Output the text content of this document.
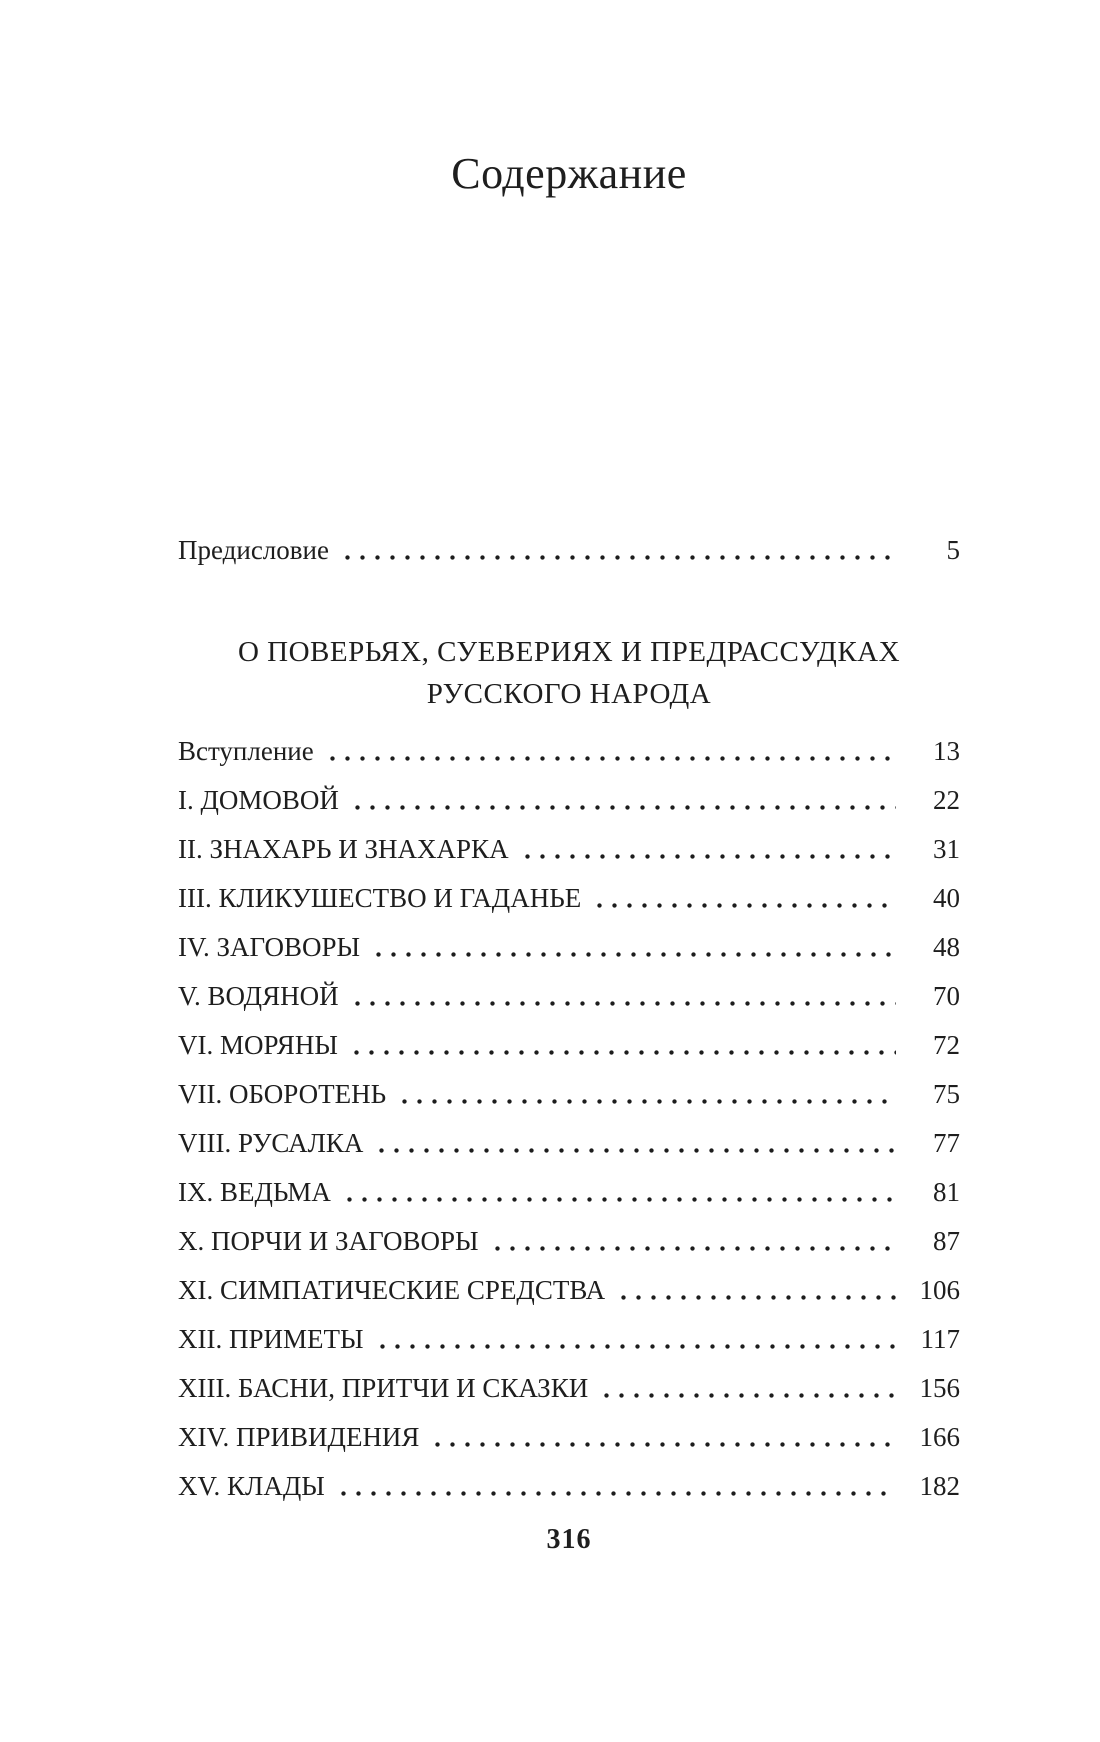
Содержание
Предисловие	5
О ПОВЕРЬЯХ, СУЕВЕРИЯХ И ПРЕДРАССУДКАХ
РУССКОГО НАРОДА
Вступление	13
I. ДОМОВОЙ	22
II. ЗНАХАРЬ И ЗНАХАРКА	31
III. КЛИКУШЕСТВО И ГАДАНЬЕ	40
IV. ЗАГОВОРЫ	48
V. ВОДЯНОЙ	70
VI. МОРЯНЫ	72
VII. ОБОРОТЕНЬ	75
VIII. РУСАЛКА	77
IX. ВЕДЬМА	81
X. ПОРЧИ И ЗАГОВОРЫ	87
XI. СИМПАТИЧЕСКИЕ СРЕДСТВА	106
XII. ПРИМЕТЫ	117
XIII. БАСНИ, ПРИТЧИ И СКАЗКИ	156
XIV. ПРИВИДЕНИЯ	166
XV. КЛАДЫ	182
316
